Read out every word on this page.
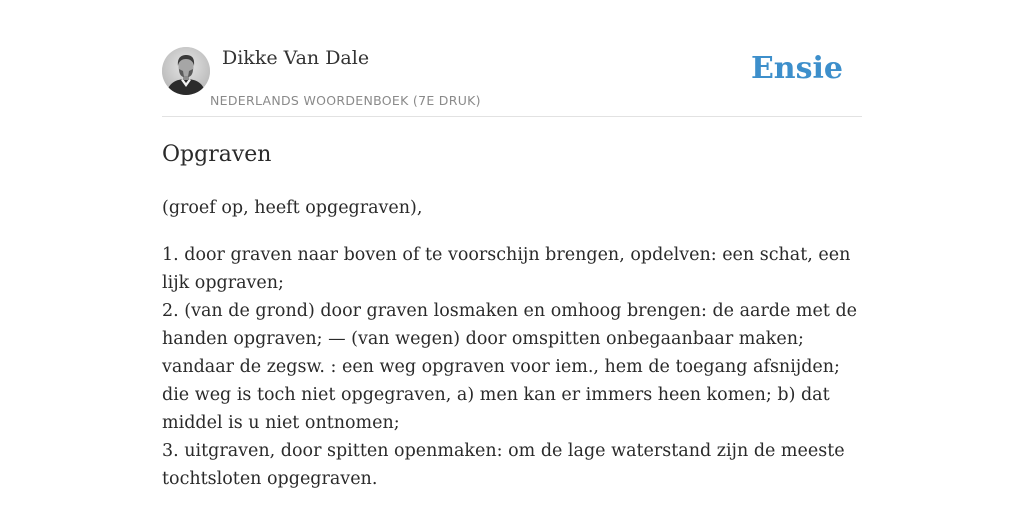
Dikke Van Dale
NEDERLANDS WOORDENBOEK (7E DRUK)
Ensie
Opgraven

(groef op, heeft opgegraven),

1. door graven naar boven of te voorschijn brengen, opdelven: een schat, een lijk opgraven;
2. (van de grond) door graven losmaken en omhoog brengen: de aarde met de handen opgraven; — (van wegen) door omspitten onbegaanbaar maken; vandaar de zegsw. : een weg opgraven voor iem., hem de toegang afsnijden; die weg is toch niet opgegraven, a) men kan er immers heen komen; b) dat middel is u niet ontnomen;
3. uitgraven, door spitten openmaken: om de lage waterstand zijn de meeste tochtsloten opgegraven.
